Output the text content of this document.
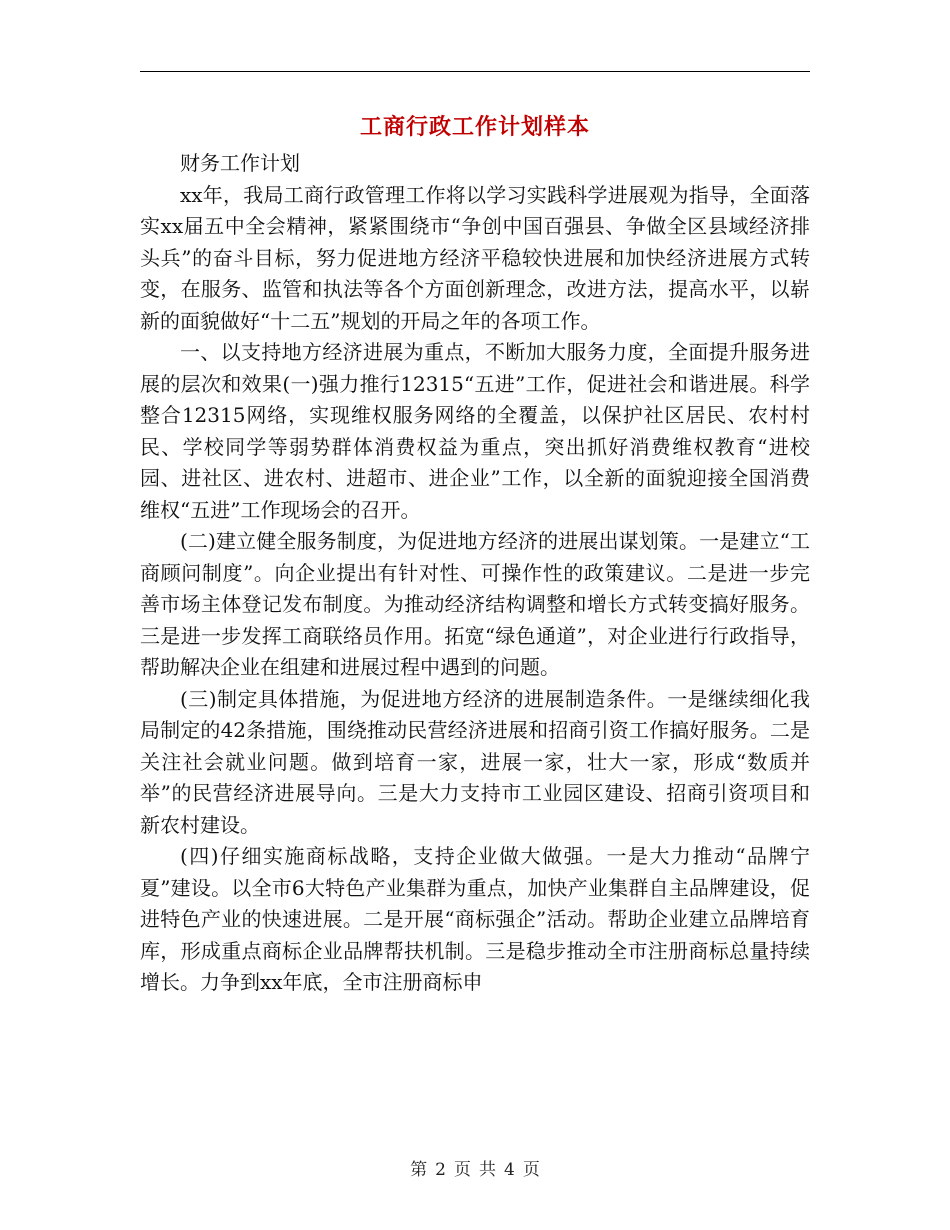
工商行政工作计划样本

财务工作计划

xx年，我局工商行政管理工作将以学习实践科学进展观为指导，全面落实xx届五中全会精神，紧紧围绕市“争创中国百强县、争做全区县域经济排头兵”的奋斗目标，努力促进地方经济平稳较快进展和加快经济进展方式转变，在服务、监管和执法等各个方面创新理念，改进方法，提高水平，以崭新的面貌做好“十二五”规划的开局之年的各项工作。

一、以支持地方经济进展为重点，不断加大服务力度，全面提升服务进展的层次和效果(一)强力推行12315“五进”工作，促进社会和谐进展。科学整合12315网络，实现维权服务网络的全覆盖，以保护社区居民、农村村民、学校同学等弱势群体消费权益为重点，突出抓好消费维权教育“进校园、进社区、进农村、进超市、进企业”工作，以全新的面貌迎接全国消费维权“五进”工作现场会的召开。

(二)建立健全服务制度，为促进地方经济的进展出谋划策。一是建立“工商顾问制度”。向企业提出有针对性、可操作性的政策建议。二是进一步完善市场主体登记发布制度。为推动经济结构调整和增长方式转变搞好服务。三是进一步发挥工商联络员作用。拓宽“绿色通道”，对企业进行行政指导，帮助解决企业在组建和进展过程中遇到的问题。

(三)制定具体措施，为促进地方经济的进展制造条件。一是继续细化我局制定的42条措施，围绕推动民营经济进展和招商引资工作搞好服务。二是关注社会就业问题。做到培育一家，进展一家，壮大一家，形成“数质并举”的民营经济进展导向。三是大力支持市工业园区建设、招商引资项目和新农村建设。

(四)仔细实施商标战略，支持企业做大做强。一是大力推动“品牌宁夏”建设。以全市6大特色产业集群为重点，加快产业集群自主品牌建设，促进特色产业的快速进展。二是开展“商标强企”活动。帮助企业建立品牌培育库，形成重点商标企业品牌帮扶机制。三是稳步推动全市注册商标总量持续增长。力争到xx年底，全市注册商标申

第 2 页 共 4 页
